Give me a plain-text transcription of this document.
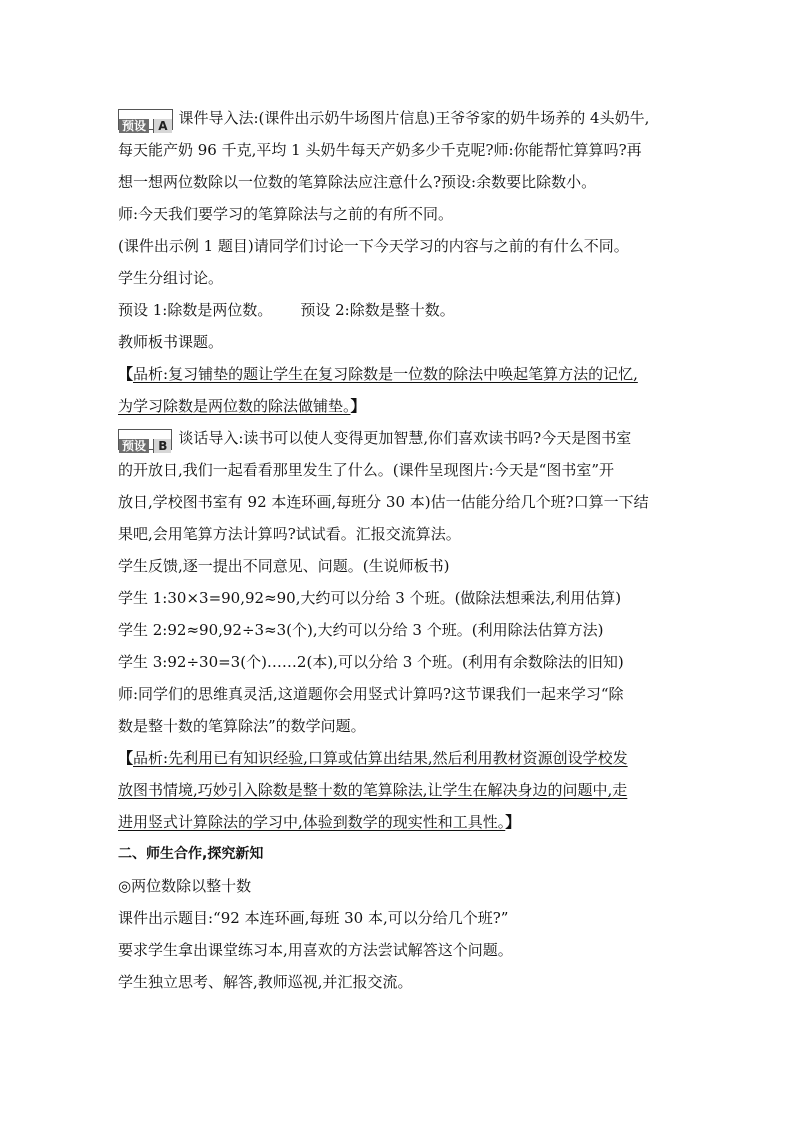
预设 A 课件导入法:(课件出示奶牛场图片信息)王爷爷家的奶牛场养的 4头奶牛,
每天能产奶 96 千克,平均 1 头奶牛每天产奶多少千克呢?师:你能帮忙算算吗?再
想一想两位数除以一位数的笔算除法应注意什么?预设:余数要比除数小。
师:今天我们要学习的笔算除法与之前的有所不同。
(课件出示例 1 题目)请同学们讨论一下今天学习的内容与之前的有什么不同。
学生分组讨论。
预设 1:除数是两位数。 预设 2:除数是整十数。
教师板书课题。
【品析:复习铺垫的题让学生在复习除数是一位数的除法中唤起笔算方法的记忆,
为学习除数是两位数的除法做铺垫。】
预设 B 谈话导入:读书可以使人变得更加智慧,你们喜欢读书吗?今天是图书室
的开放日,我们一起看看那里发生了什么。(课件呈现图片:今天是“图书室”开
放日,学校图书室有 92 本连环画,每班分 30 本)估一估能分给几个班?口算一下结
果吧,会用笔算方法计算吗?试试看。汇报交流算法。
学生反馈,逐一提出不同意见、问题。(生说师板书)
学生 1:30×3=90,92≈90,大约可以分给 3 个班。(做除法想乘法,利用估算)
学生 2:92≈90,92÷3≈3(个),大约可以分给 3 个班。(利用除法估算方法)
学生 3:92÷30=3(个)……2(本),可以分给 3 个班。(利用有余数除法的旧知)
师:同学们的思维真灵活,这道题你会用竖式计算吗?这节课我们一起来学习“除
数是整十数的笔算除法”的数学问题。
【品析:先利用已有知识经验,口算或估算出结果,然后利用教材资源创设学校发
放图书情境,巧妙引入除数是整十数的笔算除法,让学生在解决身边的问题中,走
进用竖式计算除法的学习中,体验到数学的现实性和工具性。】
二、师生合作,探究新知
◎两位数除以整十数
课件出示题目:“92 本连环画,每班 30 本,可以分给几个班?”
要求学生拿出课堂练习本,用喜欢的方法尝试解答这个问题。
学生独立思考、解答,教师巡视,并汇报交流。
